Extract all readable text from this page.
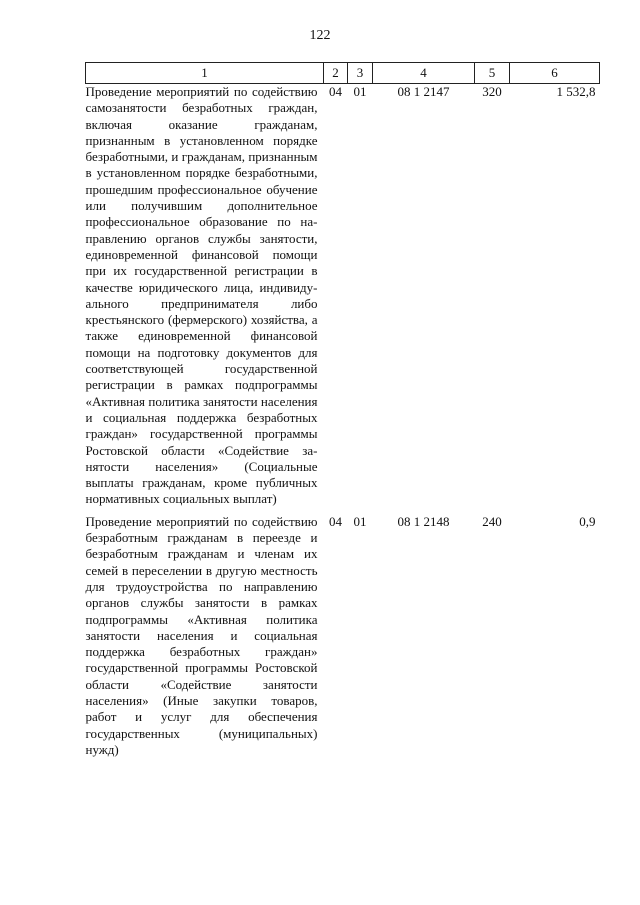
122
1	2	3	4	5	6
Проведение мероприятий по содействию самозанятости безработных граждан, включая оказание гражданам, признанным в установленном порядке безработными, и гражданам, признанным в установленном порядке безработными, прошедшим профессиональное обучение или получившим дополнительное профессиональное образование по направлению органов службы занятости, единовременной финансовой помощи при их государственной регистрации в качестве юридического лица, индивидуального предпринимателя либо крестьянского (фермерского) хозяйства, а также единовременной финансовой помощи на подготовку документов для соответствующей государственной регистрации в рамках подпрограммы «Активная политика занятости населения и социальная поддержка безработных граждан» государственной программы Ростовской области «Содействие занятости населения» (Социальные выплаты гражданам, кроме публичных нормативных социальных выплат)	04	01	08 1 2147	320	1 532,8
Проведение мероприятий по содействию безработным гражданам в переезде и безработным гражданам и членам их семей в переселении в другую местность для трудоустройства по направлению органов службы занятости в рамках подпрограммы «Активная политика занятости населения и социальная поддержка безработных граждан» государственной программы Ростовской области «Содействие занятости населения» (Иные закупки товаров, работ и услуг для обеспечения государственных (муниципальных) нужд)	04	01	08 1 2148	240	0,9
